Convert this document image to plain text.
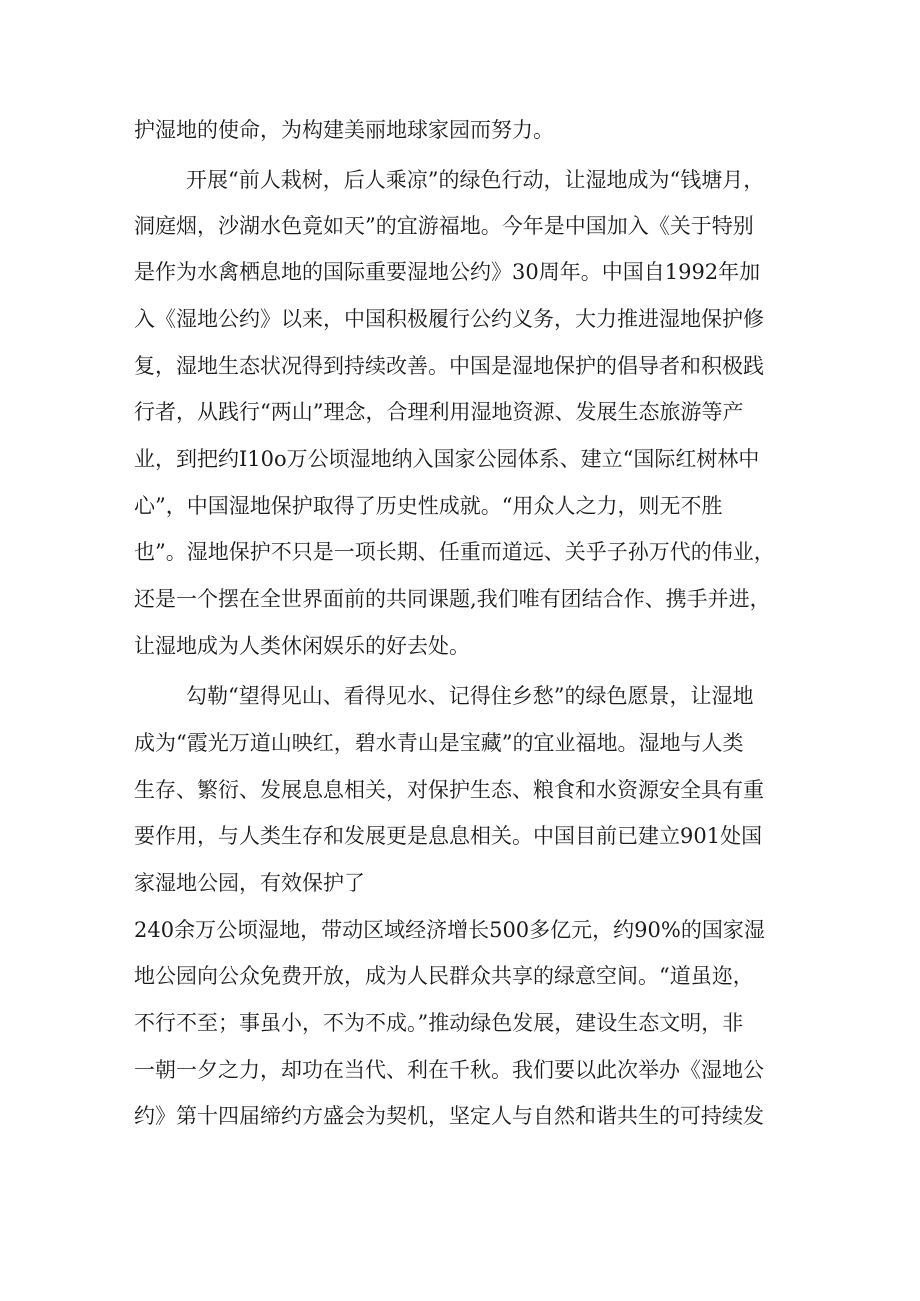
护湿地的使命，为构建美丽地球家园而努力。
开展“前人栽树，后人乘凉”的绿色行动，让湿地成为“钱塘月，
洞庭烟，沙湖水色竟如天”的宜游福地。今年是中国加入《关于特别
是作为水禽栖息地的国际重要湿地公约》30周年。中国自1992年加
入《湿地公约》以来，中国积极履行公约义务，大力推进湿地保护修
复，湿地生态状况得到持续改善。中国是湿地保护的倡导者和积极践
行者，从践行“两山”理念，合理利用湿地资源、发展生态旅游等产
业，到把约I10o万公顷湿地纳入国家公园体系、建立“国际红树林中
心”，中国湿地保护取得了历史性成就。“用众人之力，则无不胜
也”。湿地保护不只是一项长期、任重而道远、关乎子孙万代的伟业，
还是一个摆在全世界面前的共同课题,我们唯有团结合作、携手并进，
让湿地成为人类休闲娱乐的好去处。
勾勒“望得见山、看得见水、记得住乡愁”的绿色愿景，让湿地
成为“霞光万道山映红，碧水青山是宝藏”的宜业福地。湿地与人类
生存、繁衍、发展息息相关，对保护生态、粮食和水资源安全具有重
要作用，与人类生存和发展更是息息相关。中国目前已建立901处国
家湿地公园，有效保护了
240余万公顷湿地，带动区域经济增长500多亿元，约90%的国家湿
地公园向公众免费开放，成为人民群众共享的绿意空间。“道虽迩，
不行不至；事虽小，不为不成。”推动绿色发展，建设生态文明，非
一朝一夕之力，却功在当代、利在千秋。我们要以此次举办《湿地公
约》第十四届缔约方盛会为契机，坚定人与自然和谐共生的可持续发
